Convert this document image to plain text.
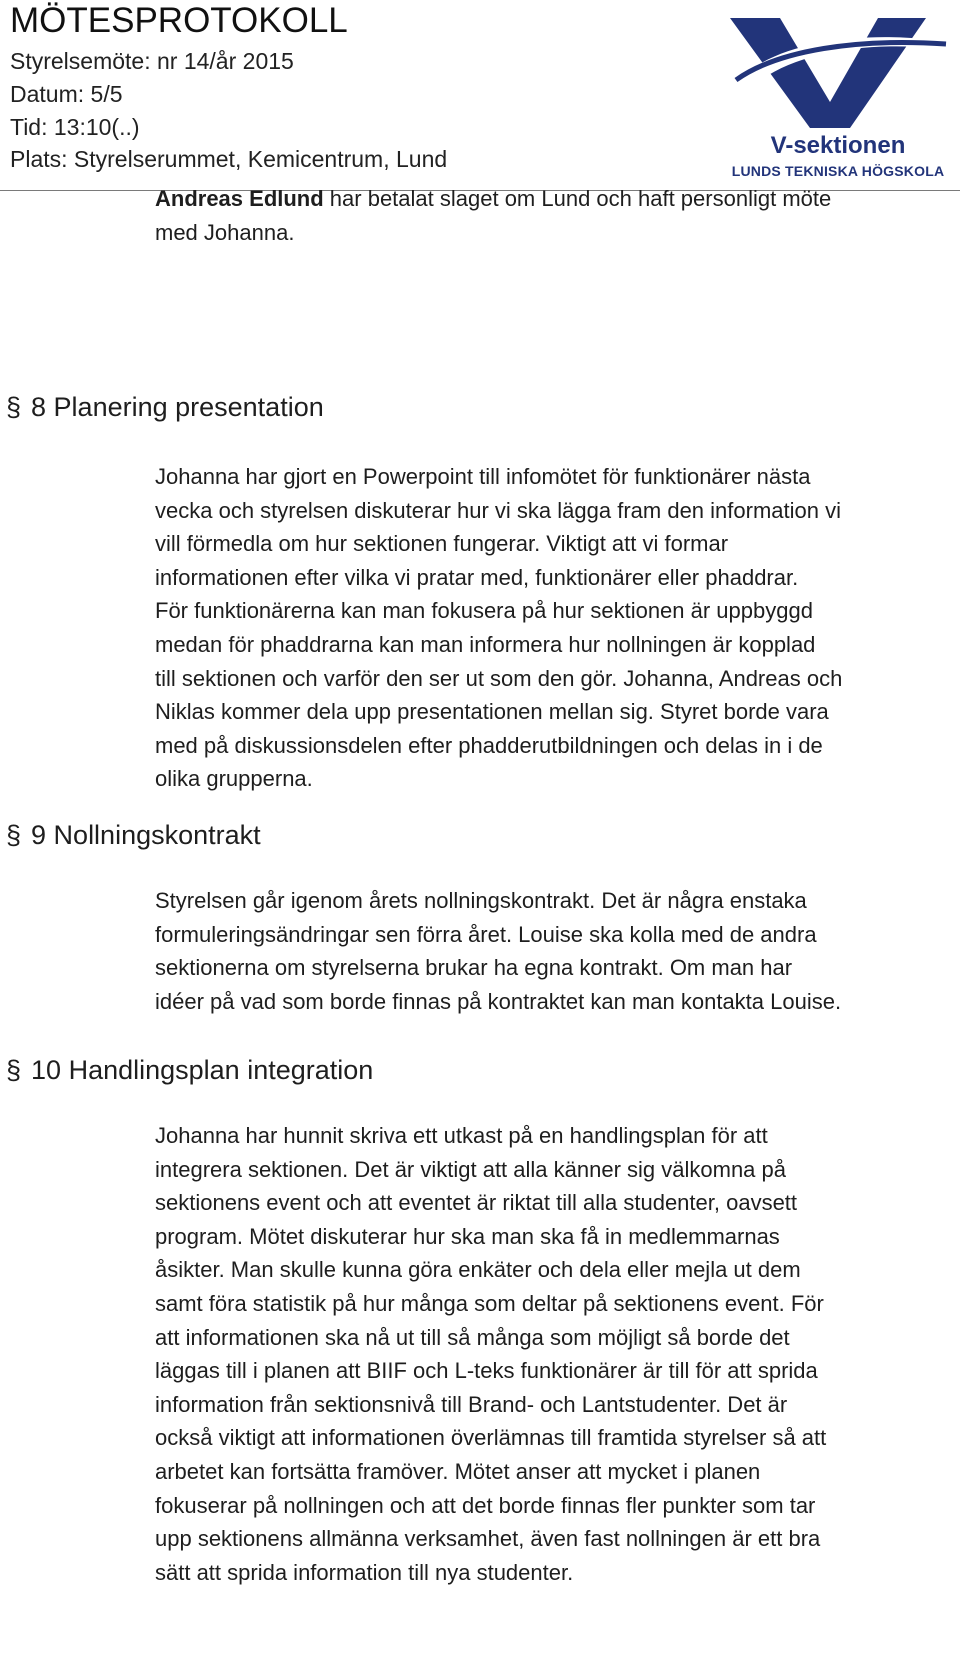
MÖTESPROTOKOLL
Styrelsemöte: nr 14/år 2015
Datum: 5/5
Tid: 13:10(..)
Plats: Styrelserummet, Kemicentrum, Lund	V-sektionen
LUNDS TEKNISKA HÖGSKOLA
Andreas Edlund har betalat slaget om Lund och haft personligt möte
med Johanna.
§ 8 Planering presentation
Johanna har gjort en Powerpoint till infomötet för funktionärer nästa
vecka och styrelsen diskuterar hur vi ska lägga fram den information vi
vill förmedla om hur sektionen fungerar. Viktigt att vi formar
informationen efter vilka vi pratar med, funktionärer eller phaddrar.
För funktionärerna kan man fokusera på hur sektionen är uppbyggd
medan för phaddrarna kan man informera hur nollningen är kopplad
till sektionen och varför den ser ut som den gör. Johanna, Andreas och
Niklas kommer dela upp presentationen mellan sig. Styret borde vara
med på diskussionsdelen efter phadderutbildningen och delas in i de
olika grupperna.
§ 9 Nollningskontrakt
Styrelsen går igenom årets nollningskontrakt. Det är några enstaka
formuleringsändringar sen förra året. Louise ska kolla med de andra
sektionerna om styrelserna brukar ha egna kontrakt. Om man har
idéer på vad som borde finnas på kontraktet kan man kontakta Louise.
§ 10 Handlingsplan integration
Johanna har hunnit skriva ett utkast på en handlingsplan för att
integrera sektionen. Det är viktigt att alla känner sig välkomna på
sektionens event och att eventet är riktat till alla studenter, oavsett
program. Mötet diskuterar hur ska man ska få in medlemmarnas
åsikter. Man skulle kunna göra enkäter och dela eller mejla ut dem
samt föra statistik på hur många som deltar på sektionens event. För
att informationen ska nå ut till så många som möjligt så borde det
läggas till i planen att BIIF och L-teks funktionärer är till för att sprida
information från sektionsnivå till Brand- och Lantstudenter. Det är
också viktigt att informationen överlämnas till framtida styrelser så att
arbetet kan fortsätta framöver. Mötet anser att mycket i planen
fokuserar på nollningen och att det borde finnas fler punkter som tar
upp sektionens allmänna verksamhet, även fast nollningen är ett bra
sätt att sprida information till nya studenter.
